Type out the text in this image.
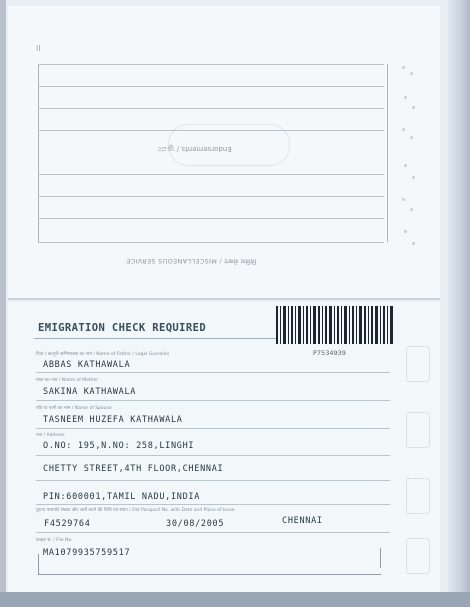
II
Endorsements / ಜ್ಞಾಪನ
विविध सेवाएं / MISCELLANEOUS SERVICE
EMIGRATION CHECK REQUIRED
P7534939
पिता / कानूनी अभिभावक का नाम / Name of Father / Legal Guardian
ABBAS KATHAWALA
माता का नाम / Name of Mother
SAKINA KATHAWALA
पति या पत्नी का नाम / Name of Spouse
TASNEEM HUZEFA KATHAWALA
पता / Address
O.NO: 195,N.NO: 258,LINGHI
CHETTY STREET,4TH FLOOR,CHENNAI
PIN:600001,TAMIL NADU,INDIA
पुराना पासपोर्ट संख्या और जारी करने की तिथि एवं स्थान / Old Passport No. with Date and Place of Issue
F4529764	30/08/2005	CHENNAI
फ़ाइल सं. / File No.
MA1079935759517
